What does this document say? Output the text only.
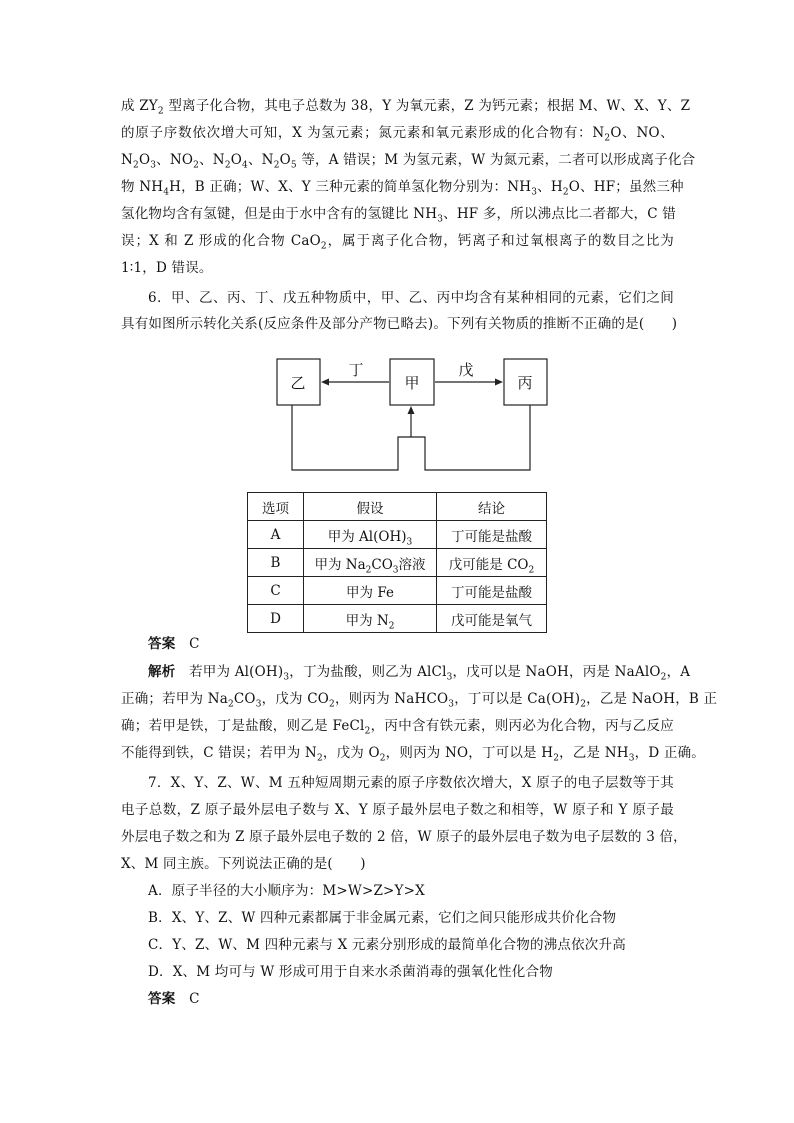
成 $ZY_2$ 型离子化合物，其电子总数为 38，Y 为氧元素，Z 为钙元素；根据 M、W、X、Y、Z
的原子序数依次增大可知，X 为氢元素；氮元素和氧元素形成的化合物有：$N_2O$、NO、
$N_2O_3$、$NO_2$、$N_2O_4$、$N_2O_5$ 等，A 错误；M 为氢元素，W 为氮元素，二者可以形成离子化合
物 $NH_4H$，B 正确；W、X、Y 三种元素的简单氢化物分别为：$NH_3$、$H_2O$、HF；虽然三种
氢化物均含有氢键，但是由于水中含有的氢键比 $NH_3$、HF 多，所以沸点比二者都大，C 错
误；X 和 Z 形成的化合物 CaO$_2$，属于离子化合物，钙离子和过氧根离子的数目之比为
1∶1，D 错误。
6．甲、乙、丙、丁、戊五种物质中，甲、乙、丙中均含有某种相同的元素，它们之间
具有如图所示转化关系(反应条件及部分产物已略去)。下列有关物质的推断不正确的是(　　)
乙	甲	丙
丁	戊
选项	假设	结论
A	甲为 $Al(OH)_3$	丁可能是盐酸
B	甲为 $Na_2CO_3$溶液	戊可能是 $CO_2$
C	甲为 Fe	丁可能是盐酸
D	甲为 $N_2$	戊可能是氧气
答案　 C
解析　 若甲为 $Al(OH)_3$，丁为盐酸，则乙为 AlCl$_3$，戊可以是 NaOH，丙是 NaAlO$_2$，A
正确；若甲为 $Na_2CO_3$，戊为 $CO_2$，则丙为 NaHCO$_3$，丁可以是 $Ca(OH)_2$，乙是 NaOH，B 正
确；若甲是铁，丁是盐酸，则乙是 FeCl$_2$，丙中含有铁元素，则丙必为化合物，丙与乙反应
不能得到铁，C 错误；若甲为 $N_2$，戊为 $O_2$，则丙为 NO，丁可以是 $H_2$，乙是 $NH_3$，D 正确。
7．X、Y、Z、W、M 五种短周期元素的原子序数依次增大，X 原子的电子层数等于其
电子总数，Z 原子最外层电子数与 X、Y 原子最外层电子数之和相等，W 原子和 Y 原子最
外层电子数之和为 Z 原子最外层电子数的 2 倍，W 原子的最外层电子数为电子层数的 3 倍，
X、M 同主族。下列说法正确的是(　　)
A．原子半径的大小顺序为：M>W>Z>Y>X
B．X、Y、Z、W 四种元素都属于非金属元素，它们之间只能形成共价化合物
C．Y、Z、W、M 四种元素与 X 元素分别形成的最简单化合物的沸点依次升高
D．X、M 均可与 W 形成可用于自来水杀菌消毒的强氧化性化合物
答案　 C
